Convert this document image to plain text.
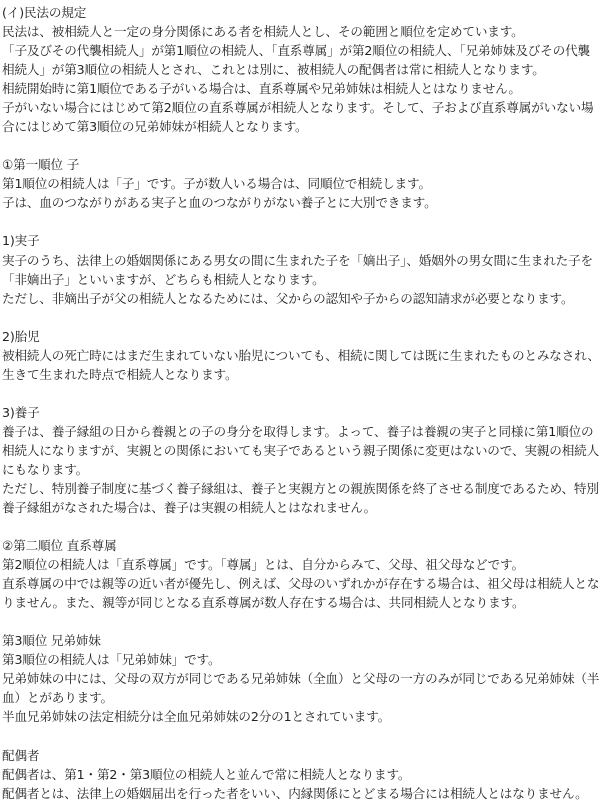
(イ)民法の規定

民法は、被相続人と一定の身分関係にある者を相続人とし、その範囲と順位を定めています。

「子及びその代襲相続人」が第1順位の相続人、「直系尊属」が第2順位の相続人、「兄弟姉妹及びその代襲相続人」が第3順位の相続人とされ、これとは別に、被相続人の配偶者は常に相続人となります。

相続開始時に第1順位である子がいる場合は、直系尊属や兄弟姉妹は相続人とはなりません。

子がいない場合にはじめて第2順位の直系尊属が相続人となります。そして、子および直系尊属がいない場合にはじめて第3順位の兄弟姉妹が相続人となります。

①第一順位 子

第1順位の相続人は「子」です。子が数人いる場合は、同順位で相続します。

子は、血のつながりがある実子と血のつながりがない養子とに大別できます。

1)実子

実子のうち、法律上の婚姻関係にある男女の間に生まれた子を「嫡出子」、婚姻外の男女間に生まれた子を「非嫡出子」といいますが、どちらも相続人となります。

ただし、非嫡出子が父の相続人となるためには、父からの認知や子からの認知請求が必要となります。

2)胎児

被相続人の死亡時にはまだ生まれていない胎児についても、相続に関しては既に生まれたものとみなされ、生きて生まれた時点で相続人となります。

3)養子

養子は、養子縁組の日から養親との子の身分を取得します。よって、養子は養親の実子と同様に第1順位の相続人になりますが、実親との関係においても実子であるという親子関係に変更はないので、実親の相続人にもなります。

ただし、特別養子制度に基づく養子縁組は、養子と実親方との親族関係を終了させる制度であるため、特別養子縁組がなされた場合は、養子は実親の相続人とはなれません。

②第二順位 直系尊属

第2順位の相続人は「直系尊属」です。「尊属」とは、自分からみて、父母、祖父母などです。

直系尊属の中では親等の近い者が優先し、例えば、父母のいずれかが存在する場合は、祖父母は相続人となりません。また、親等が同じとなる直系尊属が数人存在する場合は、共同相続人となります。

第3順位 兄弟姉妹

第3順位の相続人は「兄弟姉妹」です。

兄弟姉妹の中には、父母の双方が同じである兄弟姉妹（全血）と父母の一方のみが同じである兄弟姉妹（半血）とがあります。

半血兄弟姉妹の法定相続分は全血兄弟姉妹の2分の1とされています。

配偶者

配偶者は、第1・第2・第3順位の相続人と並んで常に相続人となります。

配偶者とは、法律上の婚姻届出を行った者をいい、内縁関係にとどまる場合には相続人とはなりません。
